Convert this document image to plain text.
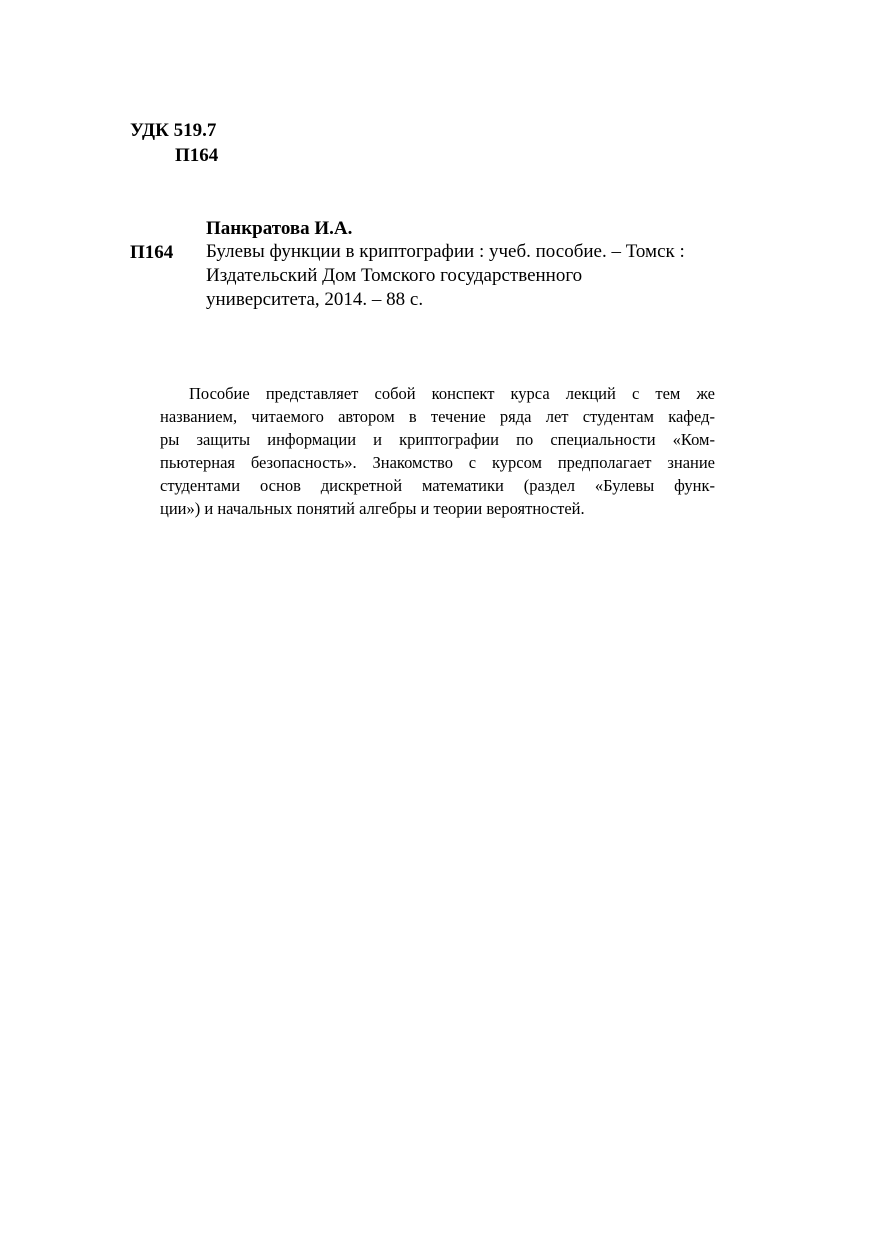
УДК 519.7
П164
Панкратова И.А.
П164 Булевы функции в криптографии : учеб. пособие. – Томск :
Издательский Дом Томского государственного
университета, 2014. – 88 с.
Пособие представляет собой конспект курса лекций с тем же
названием, читаемого автором в течение ряда лет студентам кафед-
ры защиты информации и криптографии по специальности «Ком-
пьютерная безопасность». Знакомство с курсом предполагает знание
студентами основ дискретной математики (раздел «Булевы функ-
ции») и начальных понятий алгебры и теории вероятностей.
